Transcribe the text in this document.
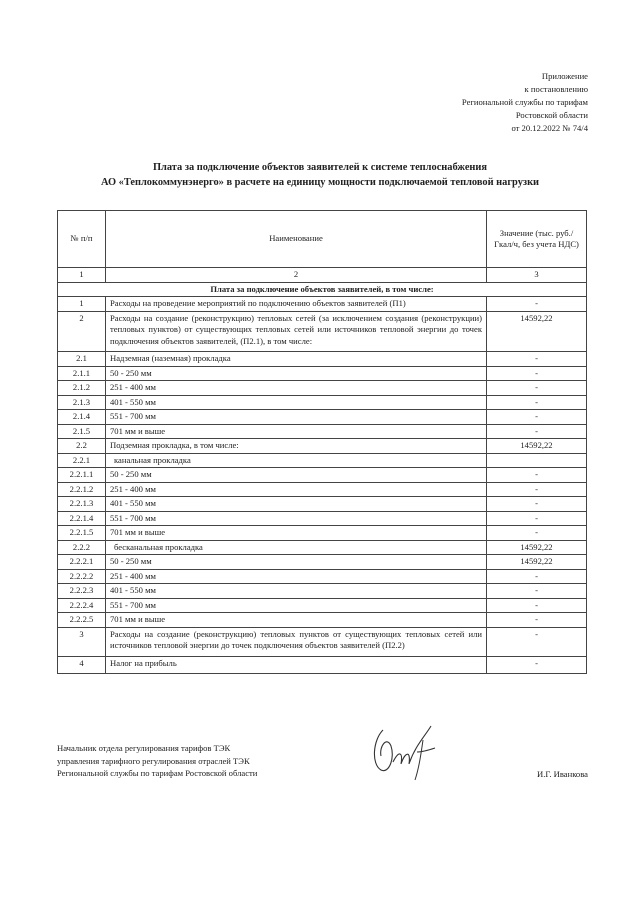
Приложение
к постановлению
Региональной службы по тарифам
Ростовской области
от 20.12.2022 № 74/4
Плата за подключение объектов заявителей к системе теплоснабжения
АО «Теплокоммунэнерго» в расчете на единицу мощности подключаемой тепловой нагрузки
№ п/п	Наименование	Значение (тыс. руб./Гкал/ч, без учета НДС)
1	2	3
Плата за подключение объектов заявителей, в том числе:		
1	Расходы на проведение мероприятий по подключению объектов заявителей (П1)	-
2	Расходы на создание (реконструкцию) тепловых сетей (за исключением создания (реконструкции) тепловых пунктов) от существующих тепловых сетей или источников тепловой энергии до точек подключения объектов заявителей, (П2.1), в том числе:	14592,22
2.1	Надземная (наземная) прокладка	-
2.1.1	50 - 250 мм	-
2.1.2	251 - 400 мм	-
2.1.3	401 - 550 мм	-
2.1.4	551 - 700 мм	-
2.1.5	701 мм и выше	-
2.2	Подземная прокладка, в том числе:	14592,22
2.2.1	канальная прокладка	
2.2.1.1	50 - 250 мм	-
2.2.1.2	251 - 400 мм	-
2.2.1.3	401 - 550 мм	-
2.2.1.4	551 - 700 мм	-
2.2.1.5	701 мм и выше	-
2.2.2	бесканальная прокладка	14592,22
2.2.2.1	50 - 250 мм	14592,22
2.2.2.2	251 - 400 мм	-
2.2.2.3	401 - 550 мм	-
2.2.2.4	551 - 700 мм	-
2.2.2.5	701 мм и выше	-
3	Расходы на создание (реконструкцию) тепловых пунктов от существующих тепловых сетей или источников тепловой энергии до точек подключения объектов заявителей (П2.2)	-
4	Налог на прибыль	-
Начальник отдела регулирования тарифов ТЭК
управления тарифного регулирования отраслей ТЭК
Региональной службы по тарифам Ростовской области	И.Г. Иванкова
